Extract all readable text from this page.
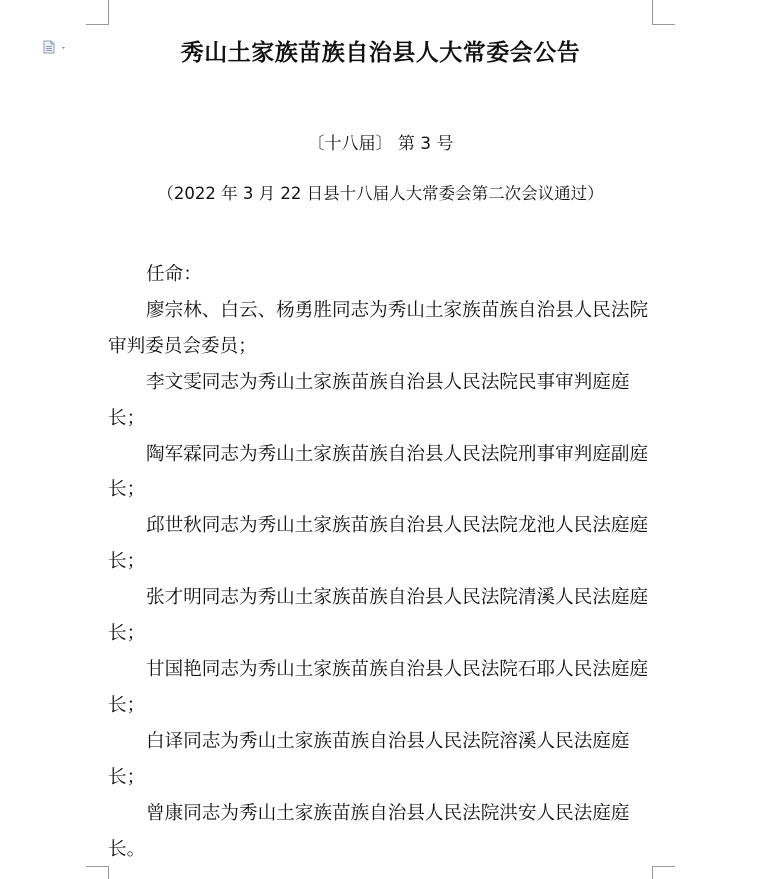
秀山土家族苗族自治县人大常委会公告
〔十八届〕 第 3 号
（2022 年 3 月 22 日县十八届人大常委会第二次会议通过）

任命：

廖宗林、白云、杨勇胜同志为秀山土家族苗族自治县人民法院审判委员会委员；

李文雯同志为秀山土家族苗族自治县人民法院民事审判庭庭长；

陶军霖同志为秀山土家族苗族自治县人民法院刑事审判庭副庭长；

邱世秋同志为秀山土家族苗族自治县人民法院龙池人民法庭庭长；

张才明同志为秀山土家族苗族自治县人民法院清溪人民法庭庭长；

甘国艳同志为秀山土家族苗族自治县人民法院石耶人民法庭庭长；

白译同志为秀山土家族苗族自治县人民法院溶溪人民法庭庭长；

曾康同志为秀山土家族苗族自治县人民法院洪安人民法庭庭长。
